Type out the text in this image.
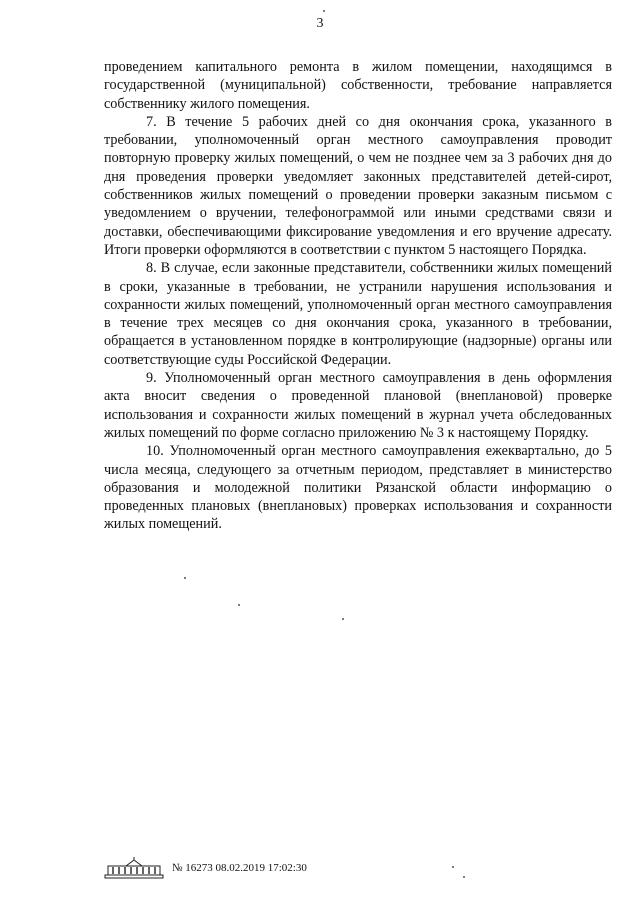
3

проведением капитального ремонта в жилом помещении, находящимся в государственной (муниципальной) собственности, требование направляется собственнику жилого помещения.

7. В течение 5 рабочих дней со дня окончания срока, указанного в требовании, уполномоченный орган местного самоуправления проводит повторную проверку жилых помещений, о чем не позднее чем за 3 рабочих дня до дня проведения проверки уведомляет законных представителей детей-сирот, собственников жилых помещений о проведении проверки заказным письмом с уведомлением о вручении, телефонограммой или иными средствами связи и доставки, обеспечивающими фиксирование уведомления и его вручение адресату. Итоги проверки оформляются в соответствии с пунктом 5 настоящего Порядка.

8. В случае, если законные представители, собственники жилых помещений в сроки, указанные в требовании, не устранили нарушения использования и сохранности жилых помещений, уполномоченный орган местного самоуправления в течение трех месяцев со дня окончания срока, указанного в требовании, обращается в установленном порядке в контролирующие (надзорные) органы или соответствующие суды Российской Федерации.

9. Уполномоченный орган местного самоуправления в день оформления акта вносит сведения о проведенной плановой (внеплановой) проверке использования и сохранности жилых помещений в журнал учета обследованных жилых помещений по форме согласно приложению № 3 к настоящему Порядку.

10. Уполномоченный орган местного самоуправления ежеквартально, до 5 числа месяца, следующего за отчетным периодом, представляет в министерство образования и молодежной политики Рязанской области информацию о проведенных плановых (внеплановых) проверках использования и сохранности жилых помещений.

№ 16273 08.02.2019 17:02:30
